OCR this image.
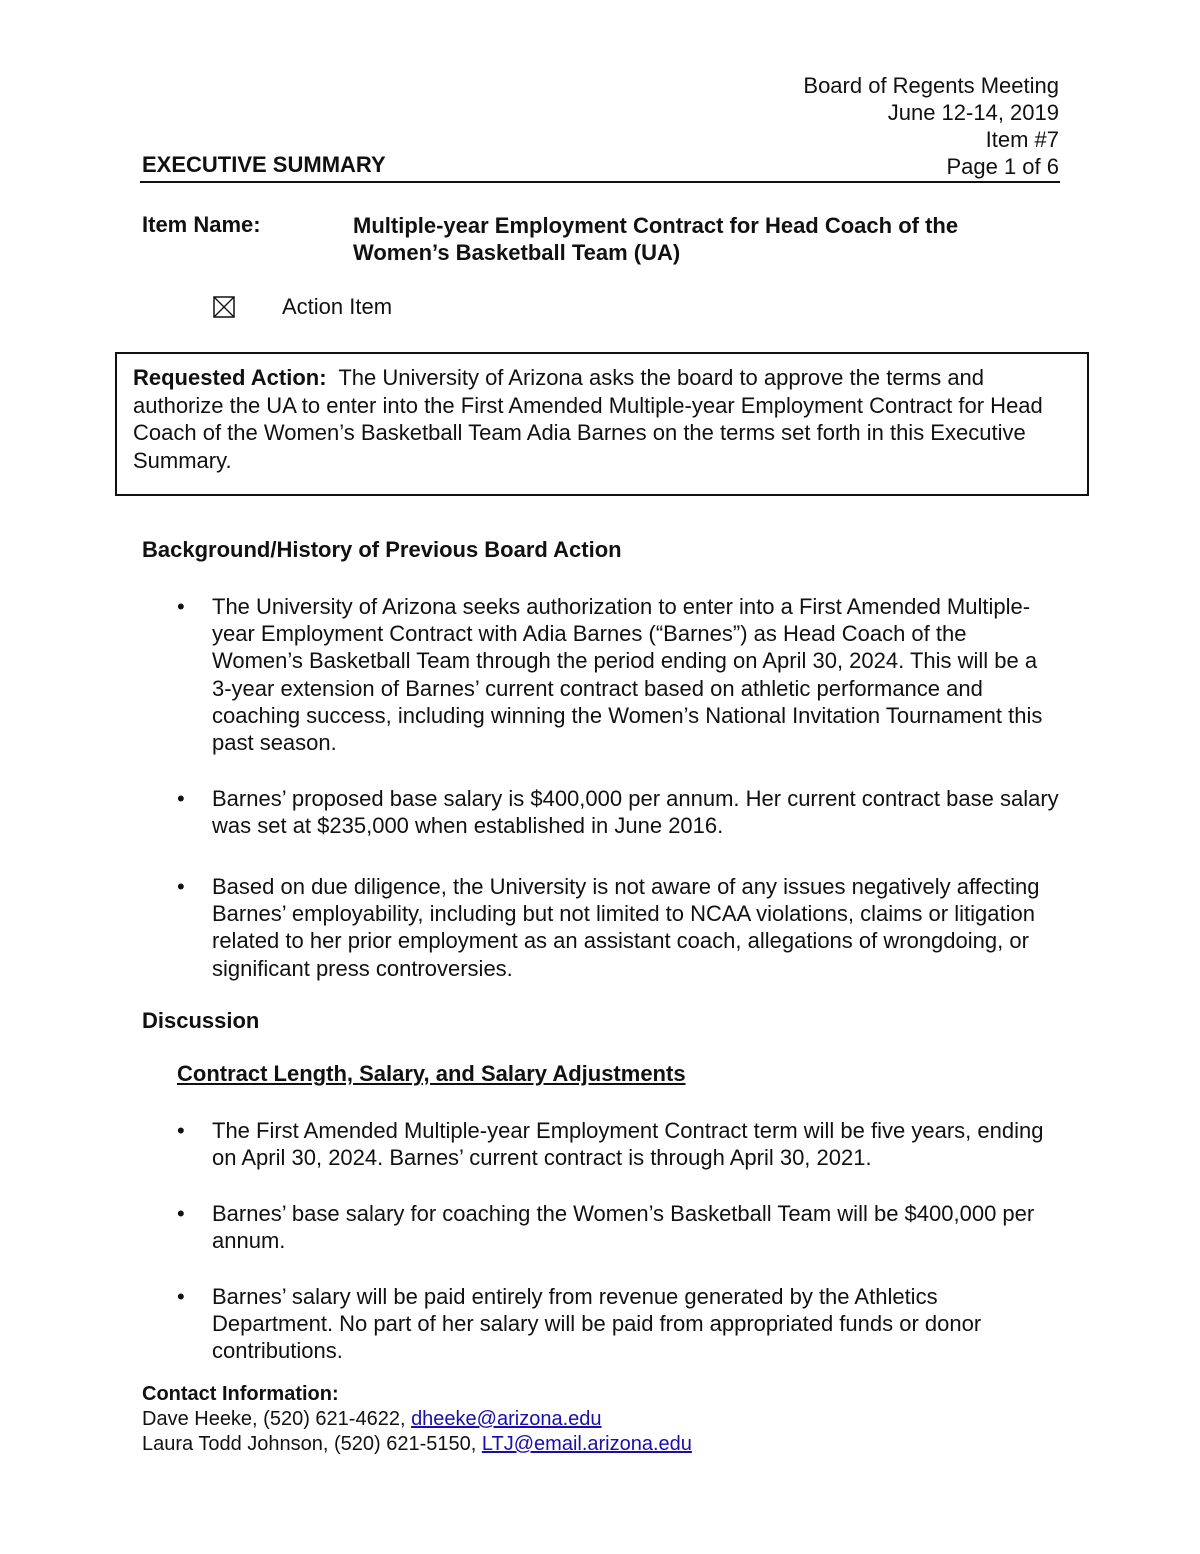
Board of Regents Meeting
June 12-14, 2019
Item #7
Page 1 of 6
EXECUTIVE SUMMARY
Item Name:	Multiple-year Employment Contract for Head Coach of the
Women’s Basketball Team (UA)
Action Item
Requested Action: The University of Arizona asks the board to approve the terms and authorize the UA to enter into the First Amended Multiple-year Employment Contract for Head Coach of the Women’s Basketball Team Adia Barnes on the terms set forth in this Executive Summary.
Background/History of Previous Board Action
• The University of Arizona seeks authorization to enter into a First Amended Multiple-year Employment Contract with Adia Barnes (“Barnes”) as Head Coach of the Women’s Basketball Team through the period ending on April 30, 2024. This will be a 3-year extension of Barnes’ current contract based on athletic performance and coaching success, including winning the Women’s National Invitation Tournament this past season.
• Barnes’ proposed base salary is $400,000 per annum. Her current contract base salary was set at $235,000 when established in June 2016.
• Based on due diligence, the University is not aware of any issues negatively affecting Barnes’ employability, including but not limited to NCAA violations, claims or litigation related to her prior employment as an assistant coach, allegations of wrongdoing, or significant press controversies.
Discussion
Contract Length, Salary, and Salary Adjustments
• The First Amended Multiple-year Employment Contract term will be five years, ending on April 30, 2024. Barnes’ current contract is through April 30, 2021.
• Barnes’ base salary for coaching the Women’s Basketball Team will be $400,000 per annum.
• Barnes’ salary will be paid entirely from revenue generated by the Athletics Department. No part of her salary will be paid from appropriated funds or donor contributions.
Contact Information:
Dave Heeke, (520) 621-4622, dheeke@arizona.edu
Laura Todd Johnson, (520) 621-5150, LTJ@email.arizona.edu
